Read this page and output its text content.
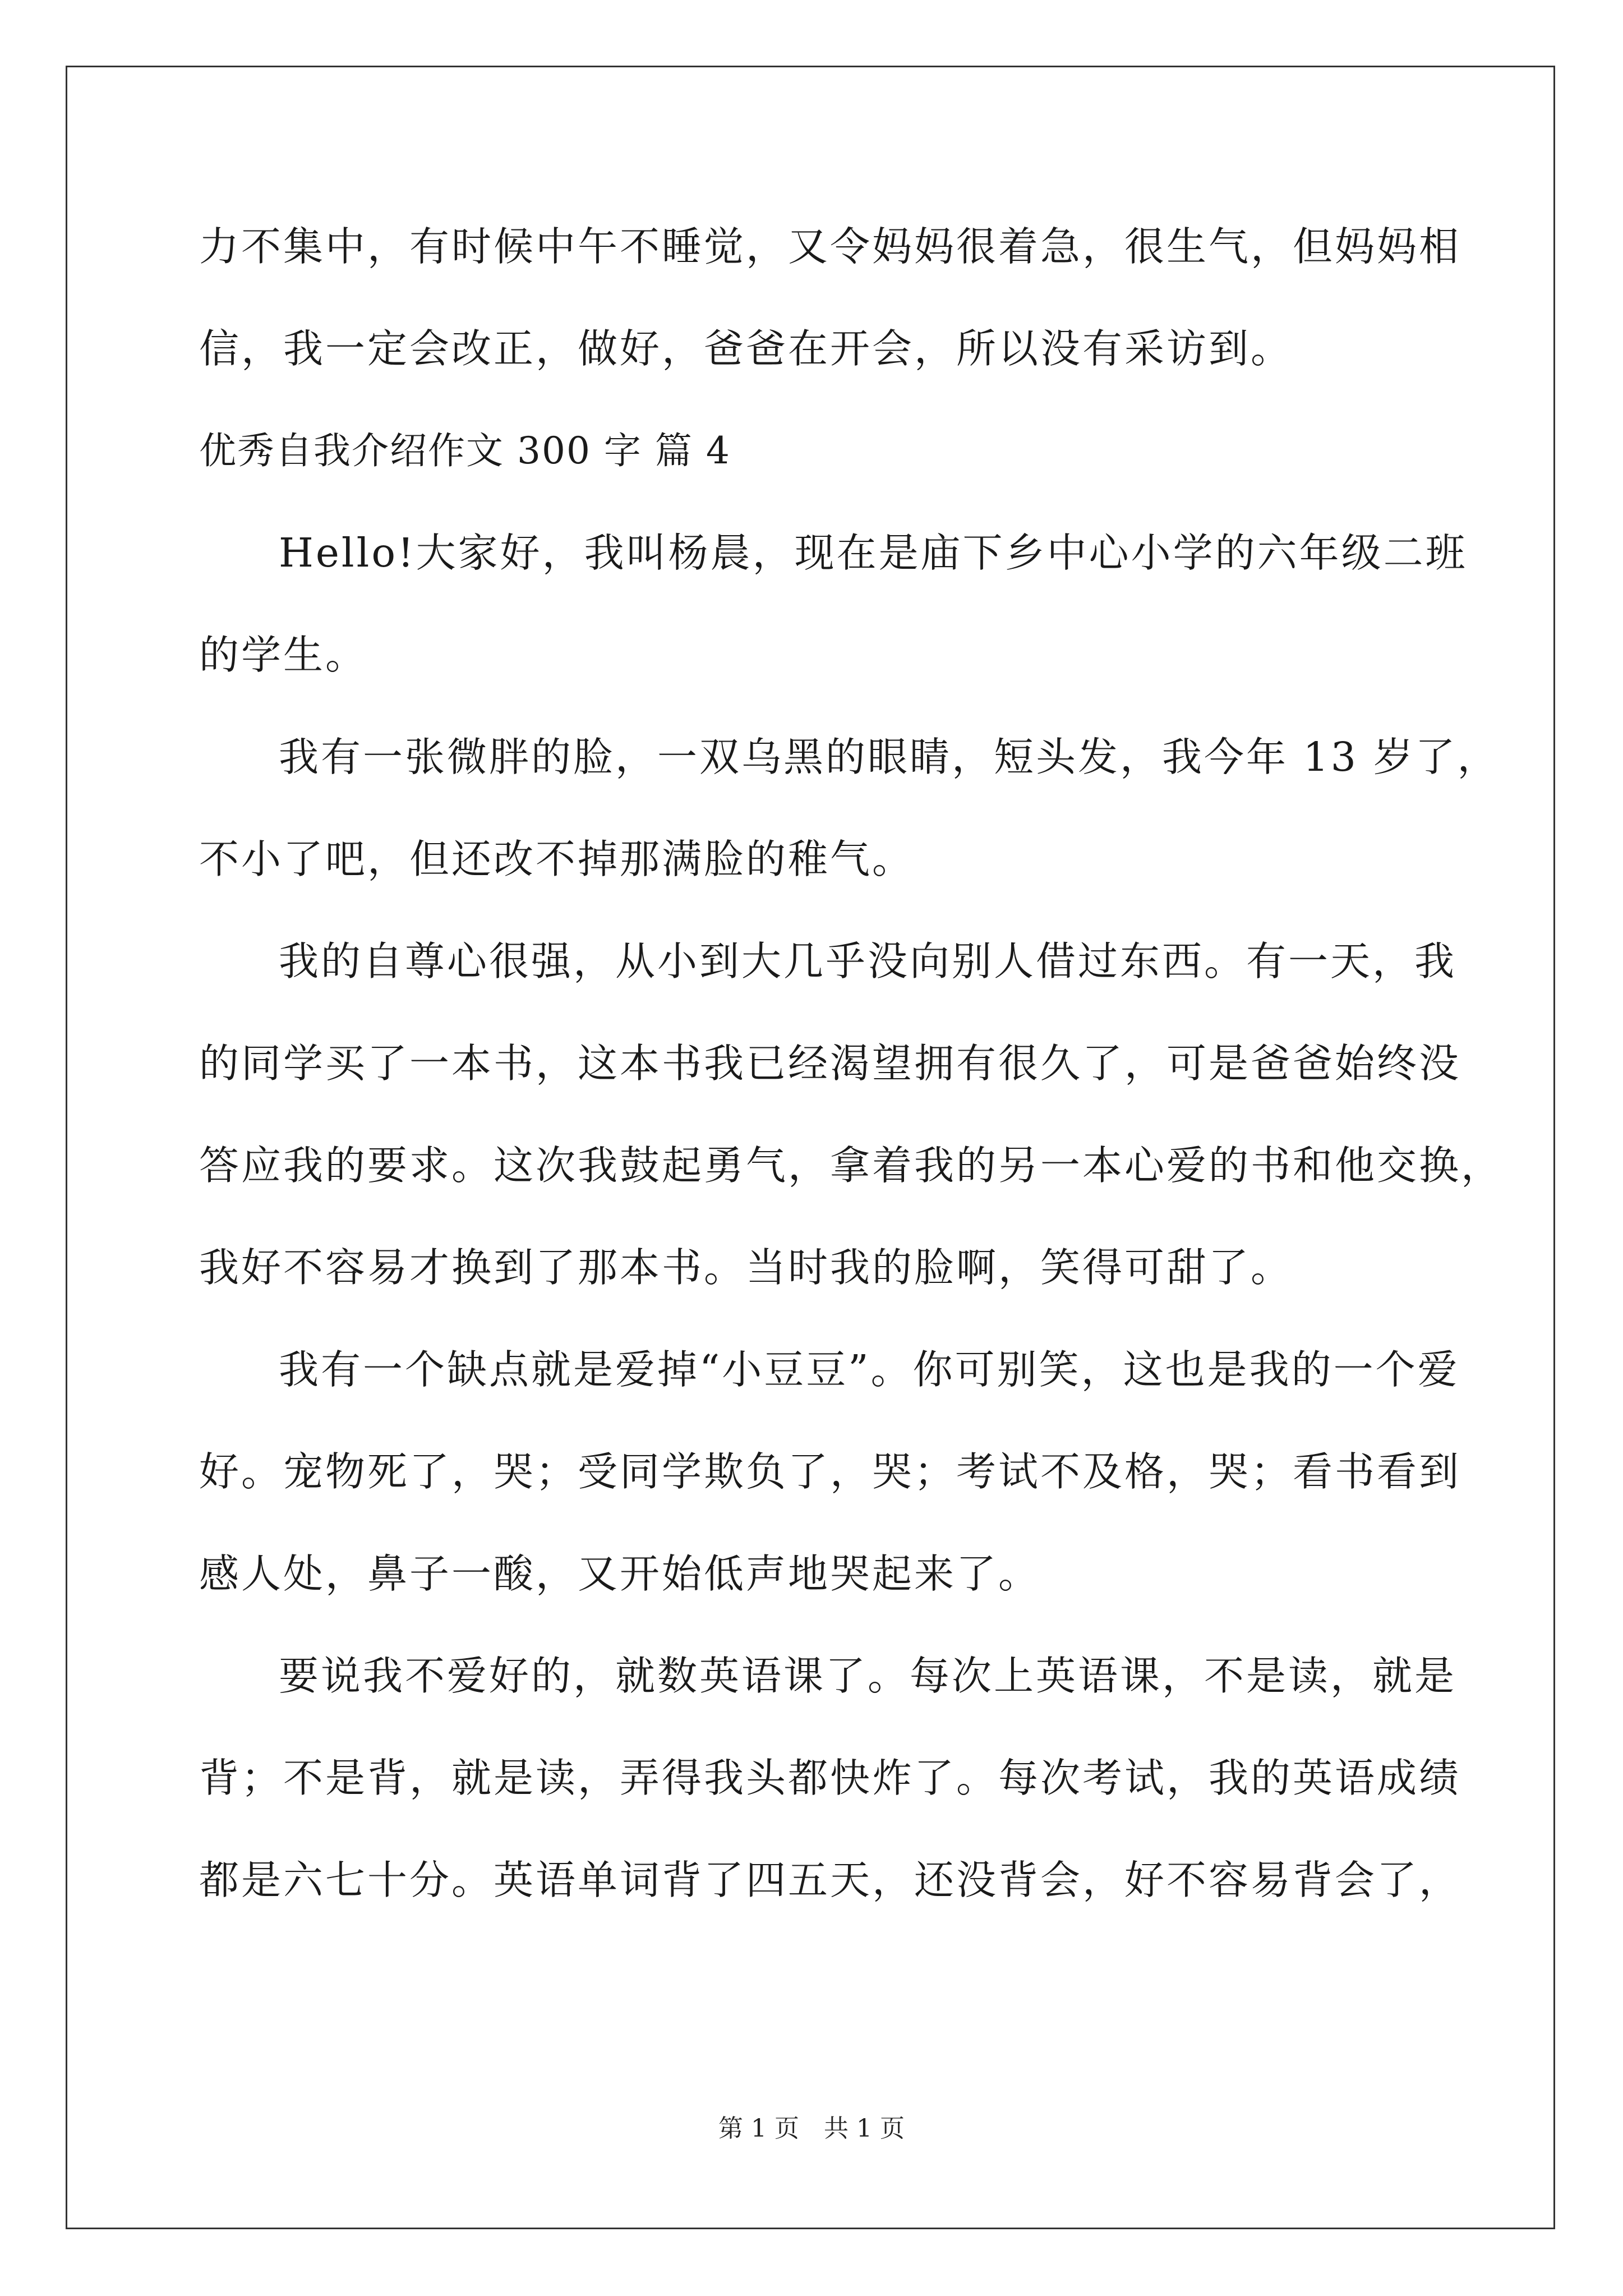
力不集中，有时候中午不睡觉，又令妈妈很着急，很生气，但妈妈相
信，我一定会改正，做好，爸爸在开会，所以没有采访到。
优秀自我介绍作文 300 字 篇 4
Hello!大家好，我叫杨晨，现在是庙下乡中心小学的六年级二班
的学生。
我有一张微胖的脸，一双乌黑的眼睛，短头发，我今年 13 岁了，
不小了吧，但还改不掉那满脸的稚气。
我的自尊心很强，从小到大几乎没向别人借过东西。有一天，我
的同学买了一本书，这本书我已经渴望拥有很久了，可是爸爸始终没
答应我的要求。这次我鼓起勇气，拿着我的另一本心爱的书和他交换，
我好不容易才换到了那本书。当时我的脸啊，笑得可甜了。
我有一个缺点就是爱掉“小豆豆”。你可别笑，这也是我的一个爱
好。宠物死了，哭；受同学欺负了，哭；考试不及格，哭；看书看到
感人处，鼻子一酸，又开始低声地哭起来了。
要说我不爱好的，就数英语课了。每次上英语课，不是读，就是
背；不是背，就是读，弄得我头都快炸了。每次考试，我的英语成绩
都是六七十分。英语单词背了四五天，还没背会，好不容易背会了，
第 1 页 共 1 页
